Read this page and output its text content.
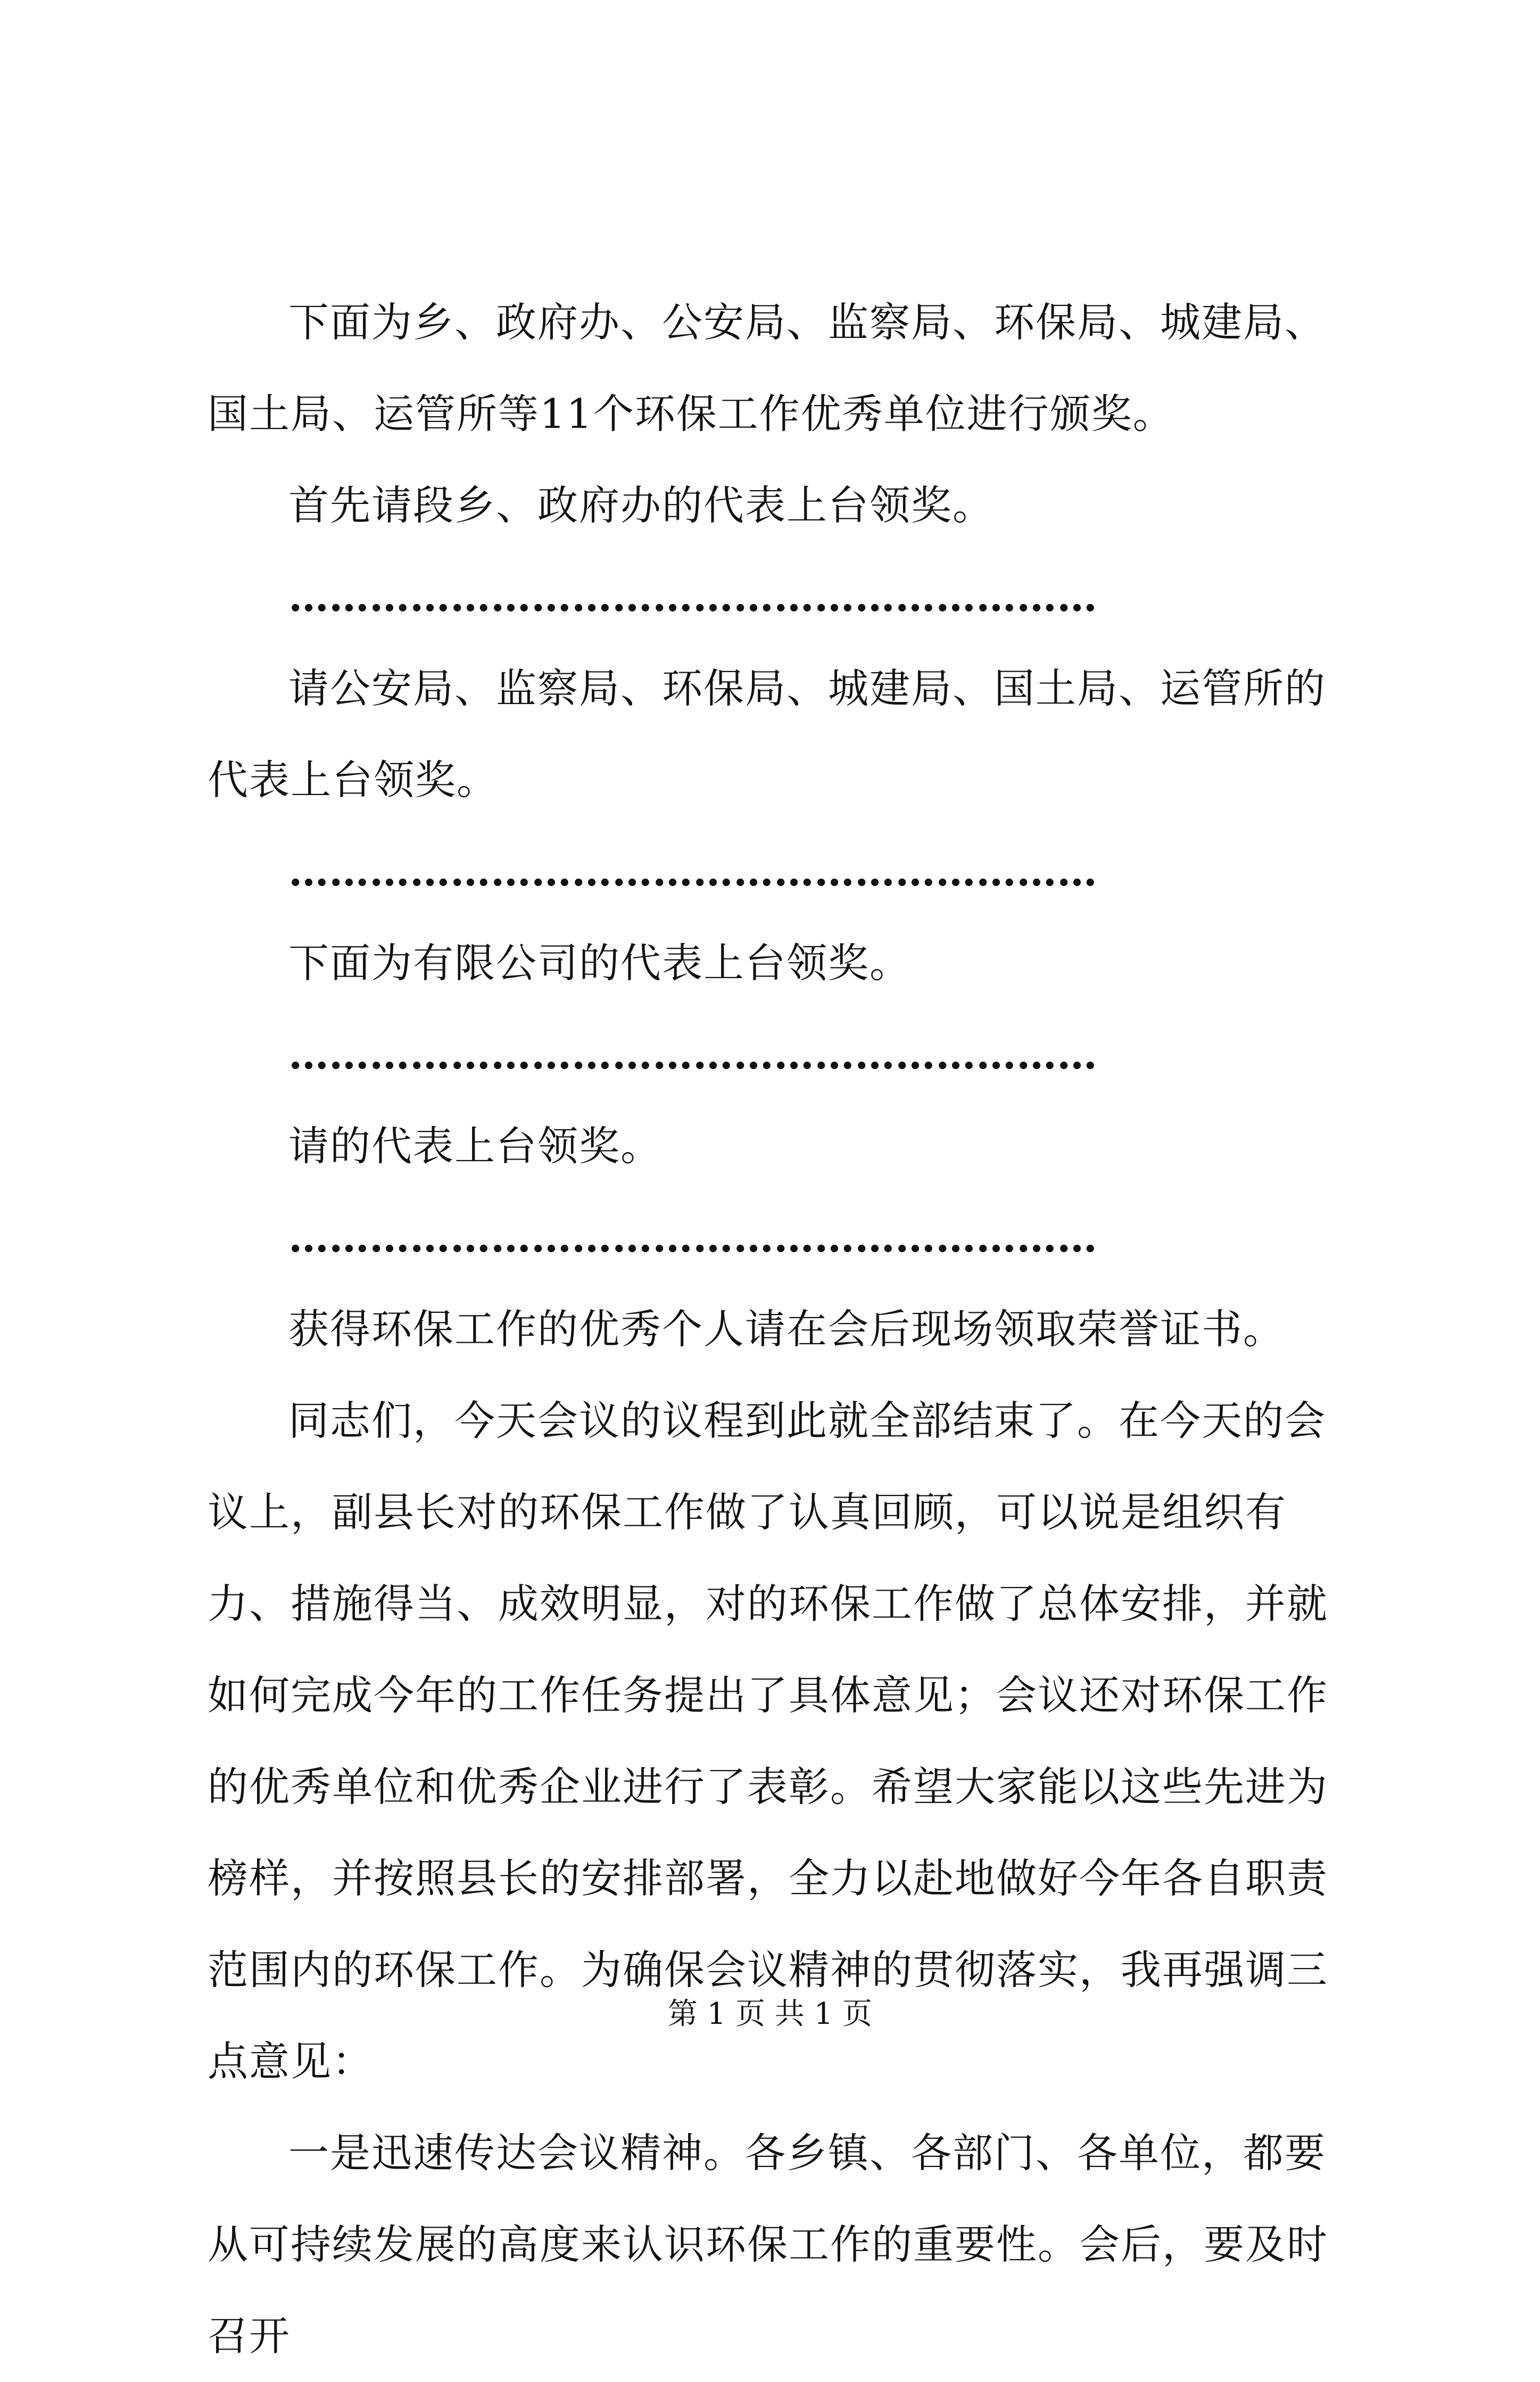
下面为乡、政府办、公安局、监察局、环保局、城建局、国土局、运管所等11个环保工作优秀单位进行颁奖。

首先请段乡、政府办的代表上台领奖。

……………………………………………………

请公安局、监察局、环保局、城建局、国土局、运管所的代表上台领奖。

……………………………………………………

下面为有限公司的代表上台领奖。

……………………………………………………

请的代表上台领奖。

……………………………………………………

获得环保工作的优秀个人请在会后现场领取荣誉证书。

同志们，今天会议的议程到此就全部结束了。在今天的会议上，副县长对的环保工作做了认真回顾，可以说是组织有力、措施得当、成效明显，对的环保工作做了总体安排，并就如何完成今年的工作任务提出了具体意见；会议还对环保工作的优秀单位和优秀企业进行了表彰。希望大家能以这些先进为榜样，并按照县长的安排部署，全力以赴地做好今年各自职责范围内的环保工作。为确保会议精神的贯彻落实，我再强调三点意见：

一是迅速传达会议精神。各乡镇、各部门、各单位，都要从可持续发展的高度来认识环保工作的重要性。会后，要及时召开

第 1 页 共 1 页
